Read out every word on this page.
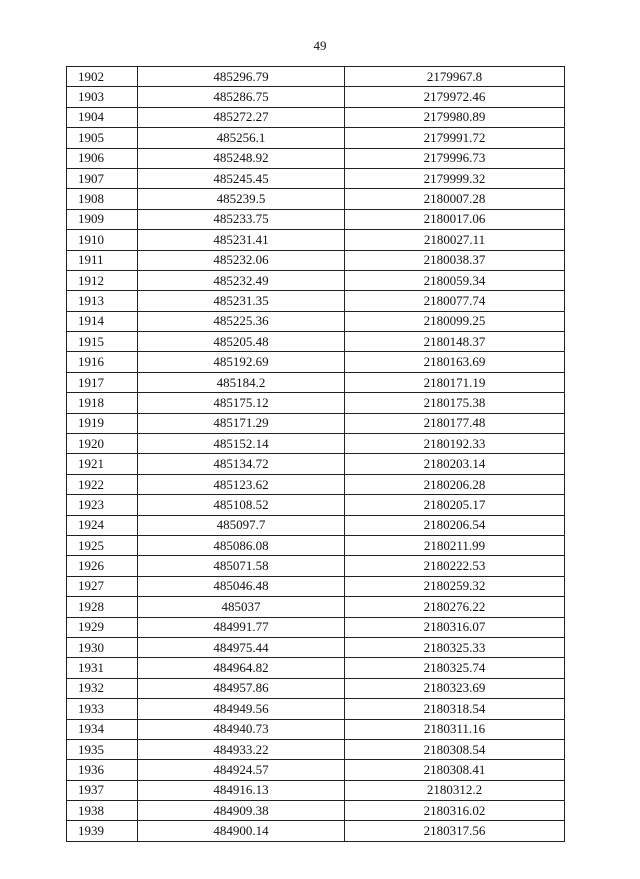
49
1902	485296.79	2179967.8
1903	485286.75	2179972.46
1904	485272.27	2179980.89
1905	485256.1	2179991.72
1906	485248.92	2179996.73
1907	485245.45	2179999.32
1908	485239.5	2180007.28
1909	485233.75	2180017.06
1910	485231.41	2180027.11
1911	485232.06	2180038.37
1912	485232.49	2180059.34
1913	485231.35	2180077.74
1914	485225.36	2180099.25
1915	485205.48	2180148.37
1916	485192.69	2180163.69
1917	485184.2	2180171.19
1918	485175.12	2180175.38
1919	485171.29	2180177.48
1920	485152.14	2180192.33
1921	485134.72	2180203.14
1922	485123.62	2180206.28
1923	485108.52	2180205.17
1924	485097.7	2180206.54
1925	485086.08	2180211.99
1926	485071.58	2180222.53
1927	485046.48	2180259.32
1928	485037	2180276.22
1929	484991.77	2180316.07
1930	484975.44	2180325.33
1931	484964.82	2180325.74
1932	484957.86	2180323.69
1933	484949.56	2180318.54
1934	484940.73	2180311.16
1935	484933.22	2180308.54
1936	484924.57	2180308.41
1937	484916.13	2180312.2
1938	484909.38	2180316.02
1939	484900.14	2180317.56
